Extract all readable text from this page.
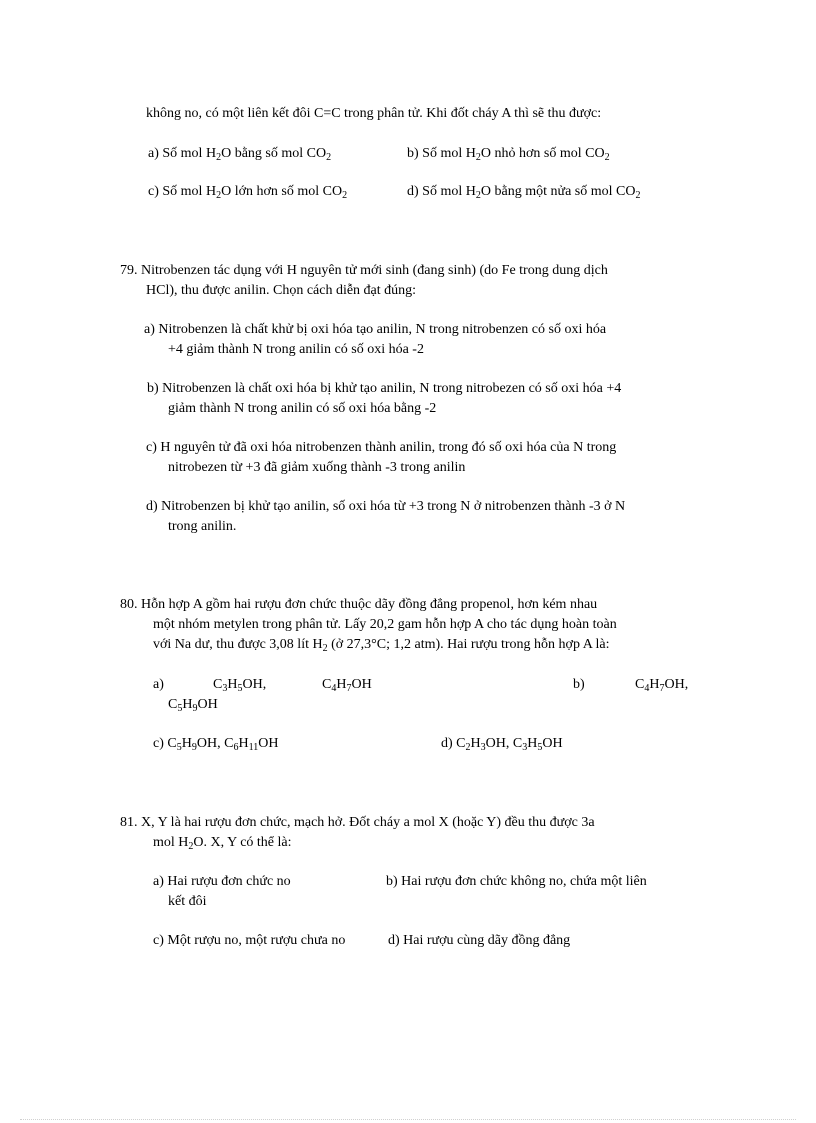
không no, có một liên kết đôi C=C trong phân tử. Khi đốt cháy A thì sẽ thu được:
a) Số mol $H_2O$ bằng số mol $CO_2$	b) Số mol $H_2O$ nhỏ hơn số mol $CO_2$
c) Số mol $H_2O$ lớn hơn số mol $CO_2$	d) Số mol $H_2O$ bằng một nửa số mol $CO_2$
79. Nitrobenzen tác dụng với H nguyên tử mới sinh (đang sinh) (do Fe trong dung dịch
HCl), thu được anilin. Chọn cách diễn đạt đúng:
a) Nitrobenzen là chất khử bị oxi hóa tạo anilin, N trong nitrobenzen có số oxi hóa
+4 giảm thành N trong anilin có số oxi hóa -2
b) Nitrobenzen là chất oxi hóa bị khử tạo anilin, N trong nitrobezen có số oxi hóa +4
giảm thành N trong anilin có số oxi hóa bằng -2
c) H nguyên tử đã oxi hóa nitrobenzen thành anilin, trong đó số oxi hóa của N trong
nitrobezen từ +3 đã giảm xuống thành -3 trong anilin
d) Nitrobenzen bị khử tạo anilin, số oxi hóa từ +3 trong N ở nitrobenzen thành -3 ở N
trong anilin.
80. Hỗn hợp A gồm hai rượu đơn chức thuộc dãy đồng đẳng propenol, hơn kém nhau
một nhóm metylen trong phân tử. Lấy 20,2 gam hỗn hợp A cho tác dụng hoàn toàn
với Na dư, thu được 3,08 lít $H_2$ (ở 27,3°C; 1,2 atm). Hai rượu trong hỗn hợp A là:
a)	$C_3H_5OH$,	$C_4H_7OH$	b)	$C_4H_7OH$,
$C_5H_9OH$
c) $C_5H_9OH$, $C_6H_{11}OH$	d) $C_2H_3OH$, $C_3H_5OH$
81. X, Y là hai rượu đơn chức, mạch hở. Đốt cháy a mol X (hoặc Y) đều thu được 3a
mol $H_2O$. X, Y có thể là:
a) Hai rượu đơn chức no	b) Hai rượu đơn chức không no, chứa một liên
kết đôi
c) Một rượu no, một rượu chưa no	d) Hai rượu cùng dãy đồng đẳng
